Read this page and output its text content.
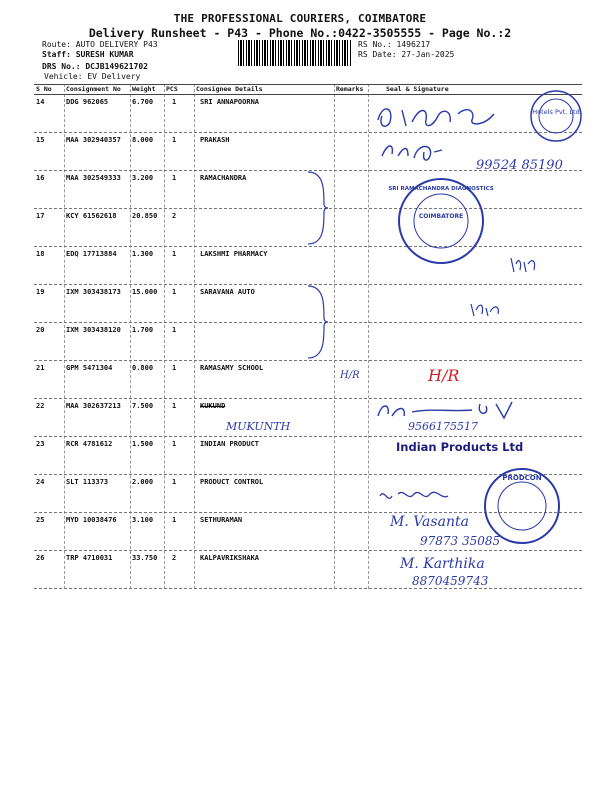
THE PROFESSIONAL COURIERS, COIMBATORE
Delivery Runsheet - P43 - Phone No.:0422-3505555 - Page No.:2
Route: AUTO DELIVERY P43
Staff: SURESH KUMAR
DRS No.: DCJB149621702
Vehicle: EV Delivery
RS No.: 1496217
RS Date: 27-Jan-2025
S No Consignment No Weight PCS	Consignee Details	Remarks	Seal & Signature
14	DDG 962065	6.700	1	SRI ANNAPOORNA
15	MAA 302940357 8.000	1	PRAKASH
16	MAA 302549333 3.200	1	RAMACHANDRA
17	KCY 61562618 20.850 2
18	EDQ 17713884 1.300	1	LAKSHMI PHARMACY
19	IXM 303438173 15.000 1	SARAVANA AUTO
20	IXM 303438120 1.700	1
21	GPM 5471304	0.800	1	RAMASAMY SCHOOL
22	MAA 302637213 7.500	1	KUKUND
23	RCR 4781612	1.500	1	INDIAN PRODUCT
24	SLT 113373	2.000	1	PRODUCT CONTROL
25	MYD 10038476 3.100	1	SETHURAMAN
26	TRP 4710031	33.750 2	KALPAVRIKSHAKA
Hotels Pvt. Ltd
99524 85190
COIMBATORE
SRI RAMACHANDRA DIAGNOSTICS
H/R	H/R
MUKUNTH	9566175517
Indian Products Ltd
PRODCON
M. Vasanta
97873 35085
M. Karthika
8870459743
